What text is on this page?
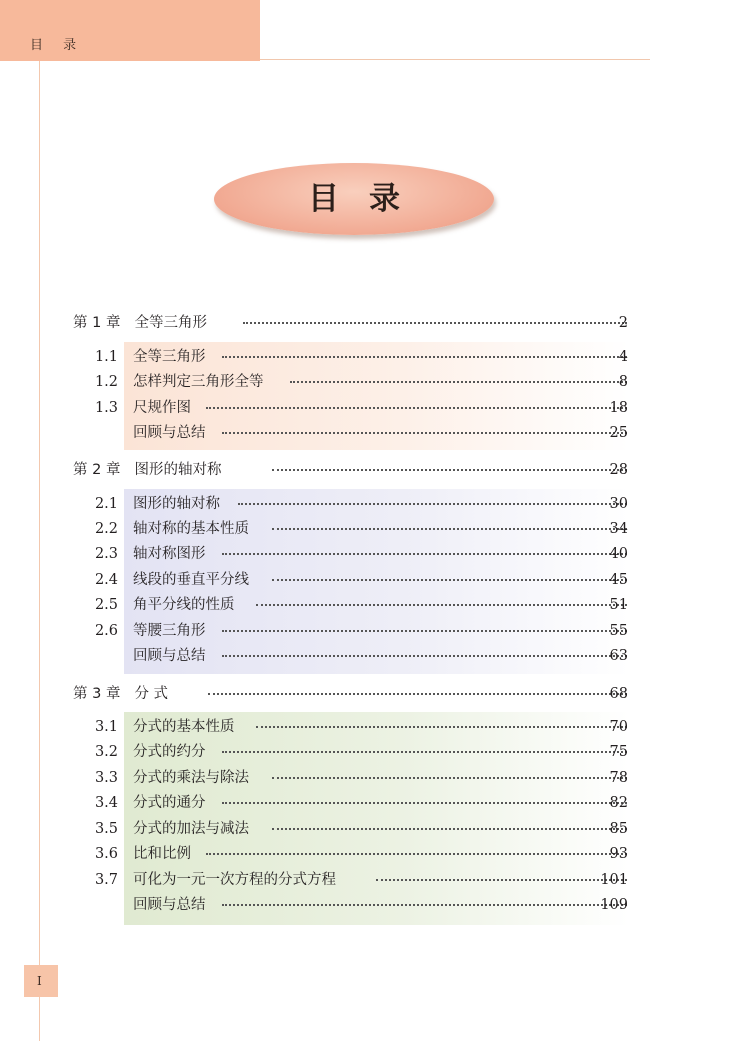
目 录
目录
第 1 章 全等三角形	2
1.1 全等三角形	4
1.2 怎样判定三角形全等	8
1.3 尺规作图	18
回顾与总结	25
第 2 章 图形的轴对称	28
2.1 图形的轴对称	30
2.2 轴对称的基本性质	34
2.3 轴对称图形	40
2.4 线段的垂直平分线	45
2.5 角平分线的性质	51
2.6 等腰三角形	55
回顾与总结	63
第 3 章 分 式	68
3.1 分式的基本性质	70
3.2 分式的约分	75
3.3 分式的乘法与除法	78
3.4 分式的通分	82
3.5 分式的加法与减法	85
3.6 比和比例	93
3.7 可化为一元一次方程的分式方程	101
回顾与总结	109
I
